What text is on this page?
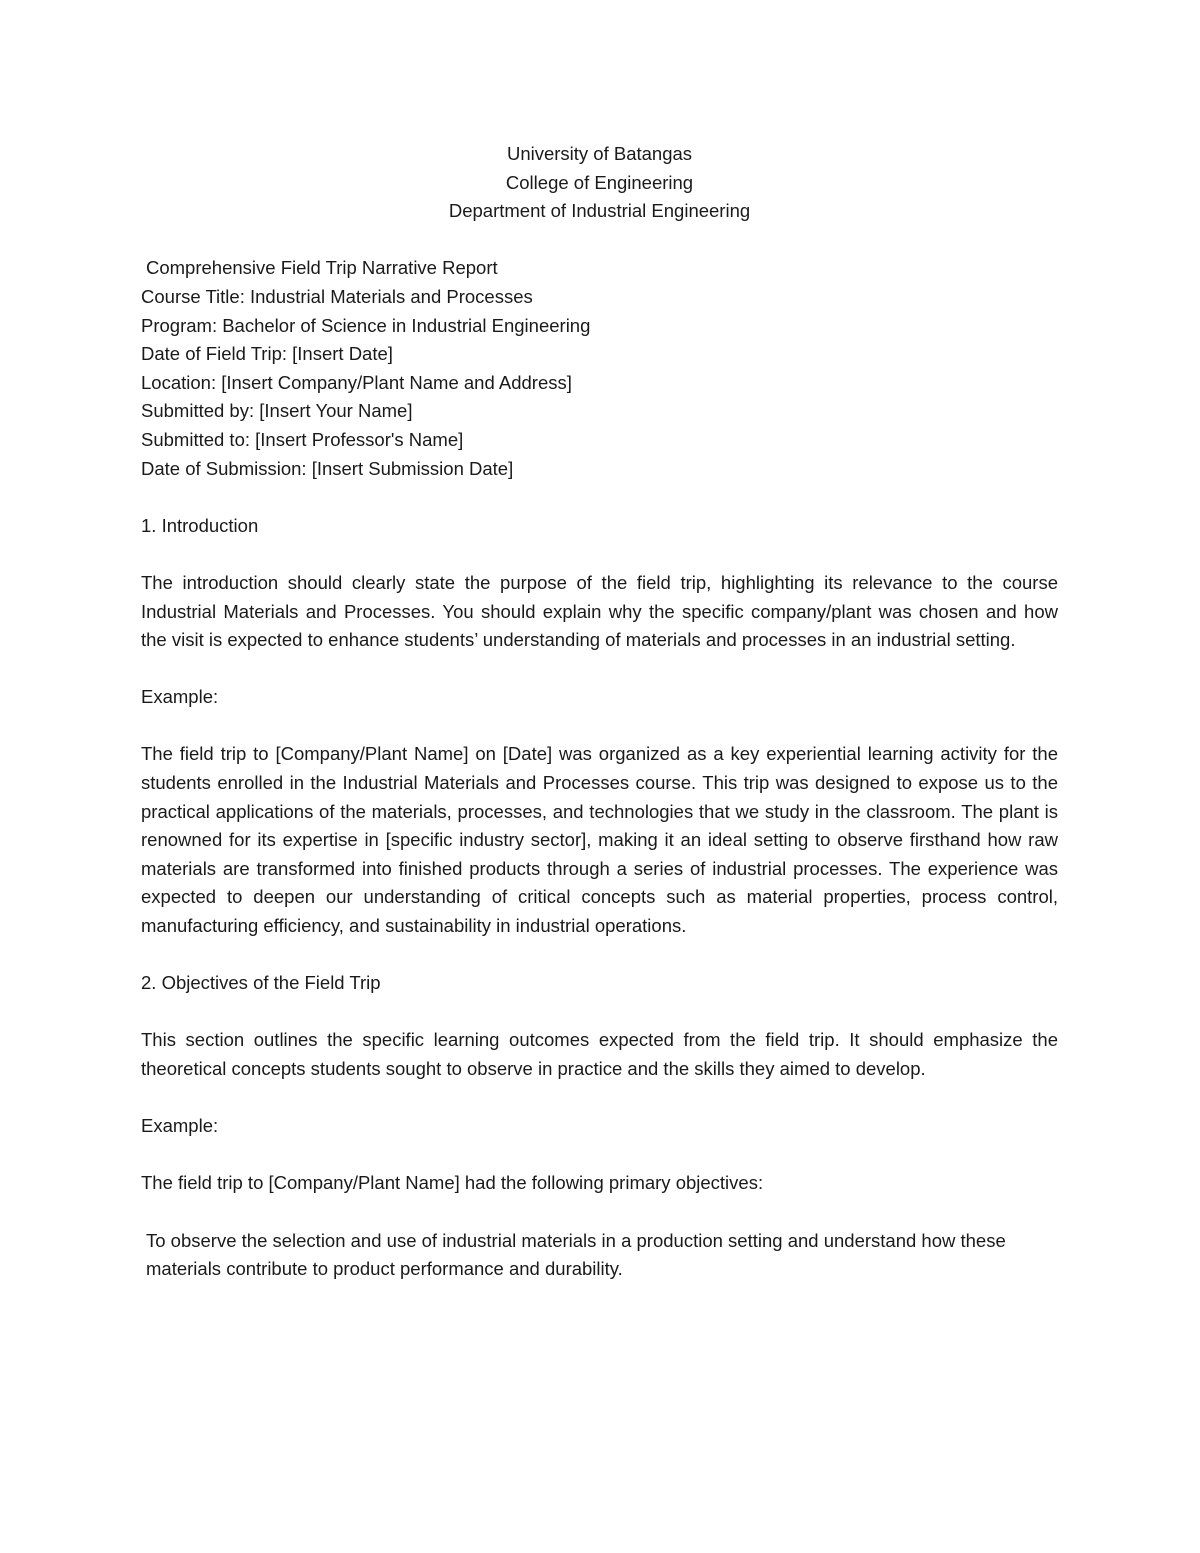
University of Batangas
College of Engineering
Department of Industrial Engineering
Comprehensive Field Trip Narrative Report
Course Title: Industrial Materials and Processes
Program: Bachelor of Science in Industrial Engineering
Date of Field Trip: [Insert Date]
Location: [Insert Company/Plant Name and Address]
Submitted by: [Insert Your Name]
Submitted to: [Insert Professor's Name]
Date of Submission: [Insert Submission Date]
1. Introduction

The introduction should clearly state the purpose of the field trip, highlighting its relevance to the course Industrial Materials and Processes. You should explain why the specific company/plant was chosen and how the visit is expected to enhance students’ understanding of materials and processes in an industrial setting.

Example:

The field trip to [Company/Plant Name] on [Date] was organized as a key experiential learning activity for the students enrolled in the Industrial Materials and Processes course. This trip was designed to expose us to the practical applications of the materials, processes, and technologies that we study in the classroom. The plant is renowned for its expertise in [specific industry sector], making it an ideal setting to observe firsthand how raw materials are transformed into finished products through a series of industrial processes. The experience was expected to deepen our understanding of critical concepts such as material properties, process control, manufacturing efficiency, and sustainability in industrial operations.

2. Objectives of the Field Trip

This section outlines the specific learning outcomes expected from the field trip. It should emphasize the theoretical concepts students sought to observe in practice and the skills they aimed to develop.

Example:

The field trip to [Company/Plant Name] had the following primary objectives:

To observe the selection and use of industrial materials in a production setting and understand how these materials contribute to product performance and durability.
